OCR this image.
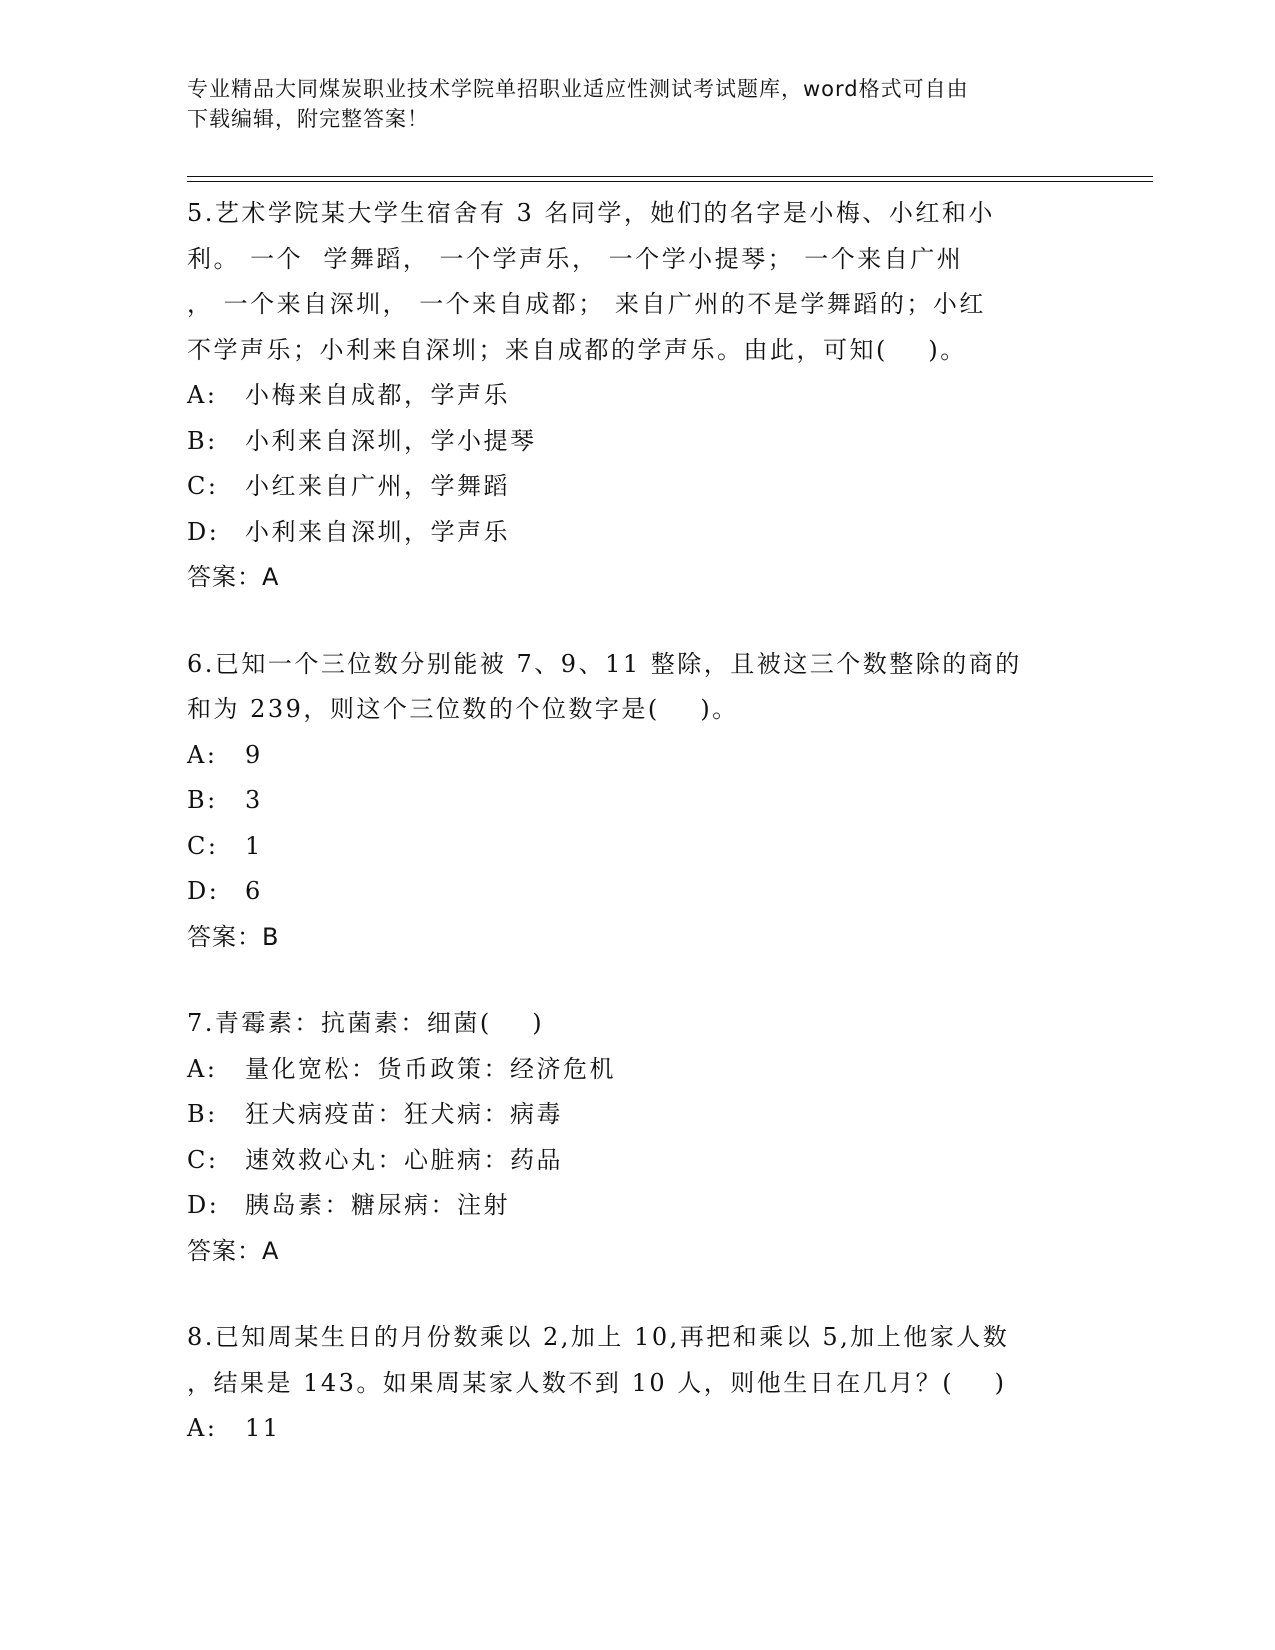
专业精品大同煤炭职业技术学院单招职业适应性测试考试题库，word格式可自由
下载编辑，附完整答案！
5.艺术学院某大学生宿舍有 3 名同学，她们的名字是小梅、小红和小
利。 一个  学舞蹈， 一个学声乐， 一个学小提琴； 一个来自广州
， 一个来自深圳， 一个来自成都； 来自广州的不是学舞蹈的；小红
不学声乐；小利来自深圳；来自成都的学声乐。由此，可知(    )。
A:	小梅来自成都，学声乐
B:	小利来自深圳，学小提琴
C:	小红来自广州，学舞蹈
D:	小利来自深圳，学声乐
答案：A
6.已知一个三位数分别能被 7、9、11 整除，且被这三个数整除的商的
和为 239，则这个三位数的个位数字是(    )。
A:	9
B:	3
C:	1
D:	6
答案：B
7.青霉素：抗菌素：细菌(    )
A:	量化宽松：货币政策：经济危机
B:	狂犬病疫苗：狂犬病：病毒
C:	速效救心丸：心脏病：药品
D:	胰岛素：糖尿病：注射
答案：A
8.已知周某生日的月份数乘以 2,加上 10,再把和乘以 5,加上他家人数
，结果是 143。如果周某家人数不到 10 人，则他生日在几月？(    )
A:	11
